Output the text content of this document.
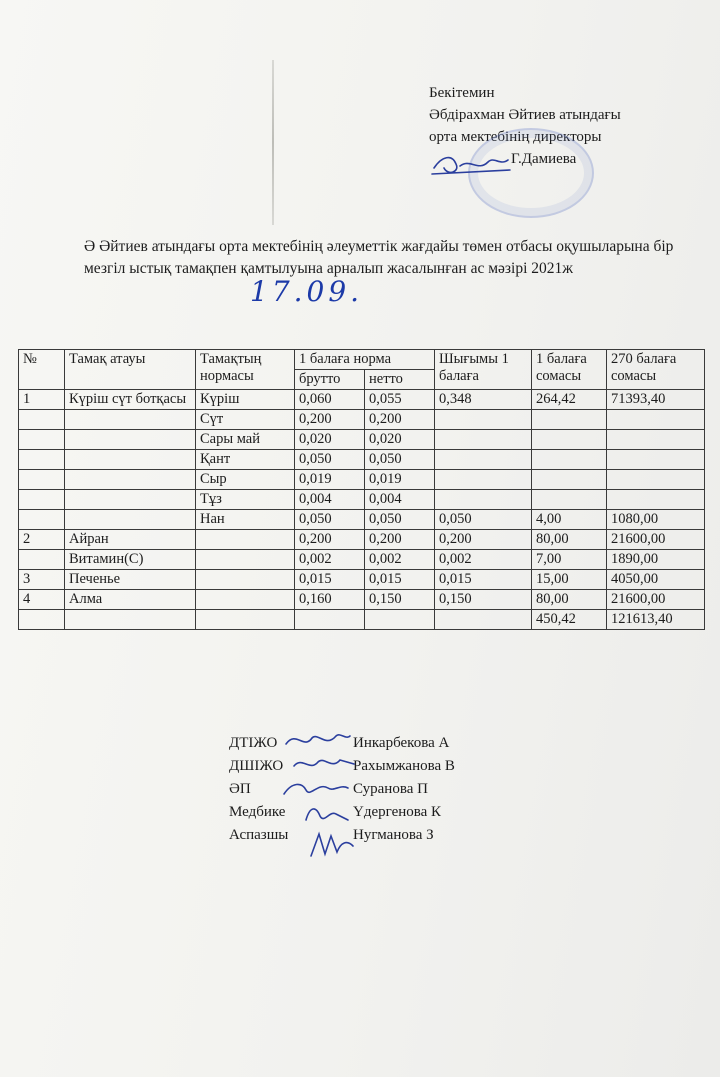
Бекітемин
Әбдірахман Әйтиев атындағы
орта мектебінің директоры
Г.Дамиева
Ә Әйтиев атындағы орта мектебінің әлеуметтік жағдайы төмен отбасы оқушыларына бір мезгіл ыстық тамақпен қамтылуына арналып жасалынған ас мәзірі 2021ж
17.09.
№	Тамақ атауы	Тамақтың нормасы	1 балаға норма		Шығымы 1 балаға	1 балаға сомасы	270 балаға сомасы
			брутто	нетто			
1	Күріш сүт ботқасы	Күріш	0,060	0,055	0,348	264,42	71393,40
		Сүт	0,200	0,200			
		Сары май	0,020	0,020			
		Қант	0,050	0,050			
		Сыр	0,019	0,019			
		Тұз	0,004	0,004			
		Нан	0,050	0,050	0,050	4,00	1080,00
2	Айран		0,200	0,200	0,200	80,00	21600,00
	Витамин(С)		0,002	0,002	0,002	7,00	1890,00
3	Печенье		0,015	0,015	0,015	15,00	4050,00
4	Алма		0,160	0,150	0,150	80,00	21600,00
						450,42	121613,40
ДТІЖО	Инкарбекова А
ДШІЖО	Рахымжанова В
ӘП	Суранова П
Медбике	Үдергенова К
Аспазшы	Нугманова З
